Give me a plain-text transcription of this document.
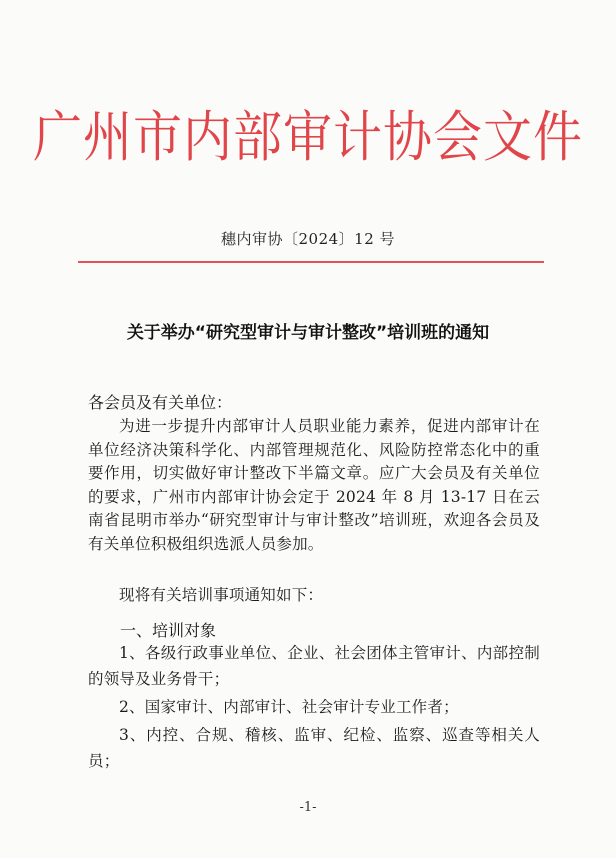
广州市内部审计协会文件
穗内审协〔2024〕12 号
关于举办“研究型审计与审计整改”培训班的通知
各会员及有关单位：

为进一步提升内部审计人员职业能力素养，促进内部审计在单位经济决策科学化、内部管理规范化、风险防控常态化中的重要作用，切实做好审计整改下半篇文章。应广大会员及有关单位的要求，广州市内部审计协会定于 2024 年 8 月 13-17 日在云南省昆明市举办“研究型审计与审计整改”培训班，欢迎各会员及有关单位积极组织选派人员参加。

现将有关培训事项通知如下：

一、培训对象

1、各级行政事业单位、企业、社会团体主管审计、内部控制的领导及业务骨干；

2、国家审计、内部审计、社会审计专业工作者；

3、内控、合规、稽核、监审、纪检、监察、巡查等相关人员；

-1-
